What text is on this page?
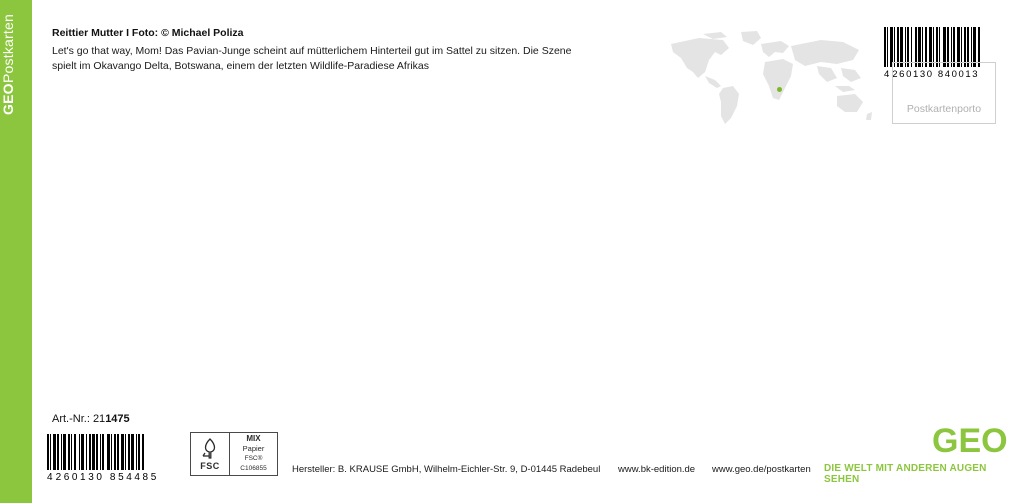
GEO
Postkarten	Reittier Mutter I Foto: © Michael Poliza
Let's go that way, Mom! Das Pavian-Junge scheint auf mütterlichem Hinterteil gut im Sattel zu sitzen. Die Szene spielt im Okavango Delta, Botswana, einem der letzten Wildlife-Paradiese Afrikas
4260130 840013
Postkartenporto
Art.-Nr.: 211475
4260130 854485
FSC
MIX
Papier
FSC® C106855	Hersteller: B. KRAUSE GmbH, Wilhelm-Eichler-Str. 9, D-01445 Radebeul www.bk-edition.de www.geo.de/postkarten
GEO
DIE WELT MIT ANDEREN AUGEN SEHEN
